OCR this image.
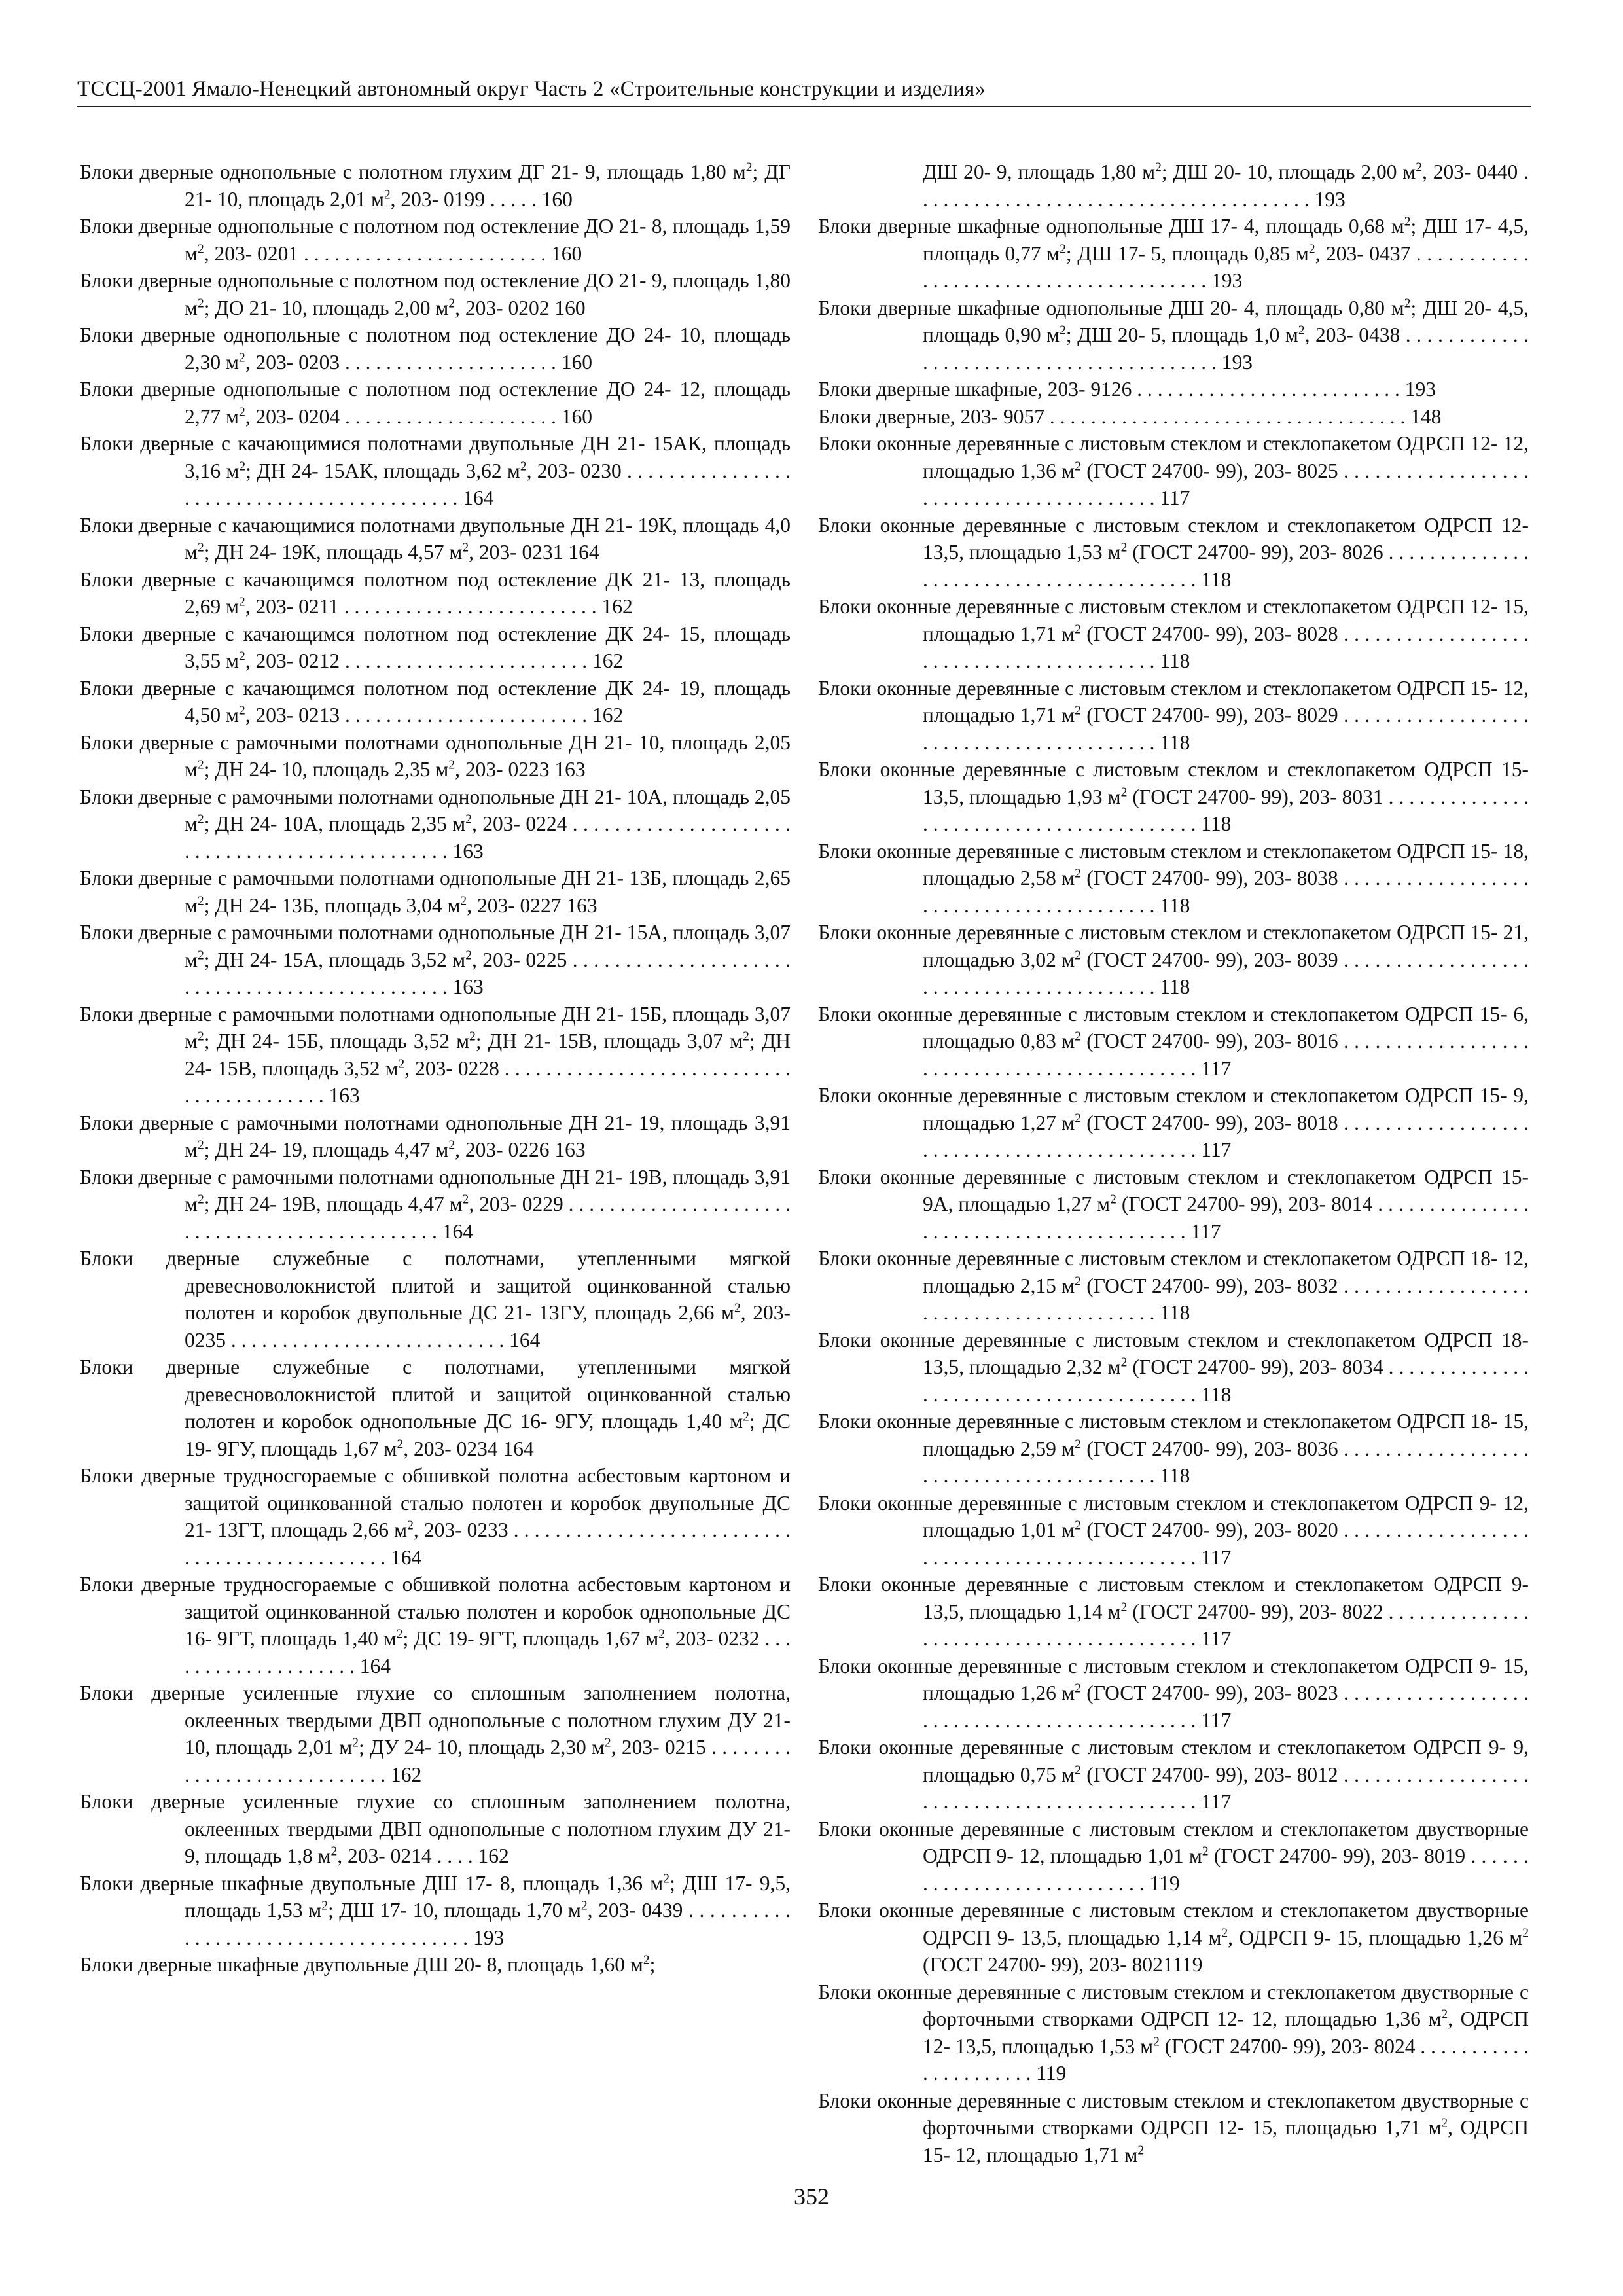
ТССЦ-2001 Ямало-Ненецкий автономный округ Часть 2 «Строительные конструкции и изделия»

Блоки дверные однопольные с полотном глухим ДГ 21- 9, площадь 1,80 $м^2$; ДГ 21- 10, площадь 2,01 $м^2$, 203- 0199 . . . . . 160

Блоки дверные однопольные с полотном под остекление ДО 21- 8, площадь 1,59 $м^2$, 203- 0201 . . . . . . . . . . . . . . . . . . . . . . . . 160

Блоки дверные однопольные с полотном под остекление ДО 21- 9, площадь 1,80 $м^2$; ДО 21- 10, площадь 2,00 $м^2$, 203- 0202 160

Блоки дверные однопольные с полотном под остекление ДО 24- 10, площадь 2,30 $м^2$, 203- 0203 . . . . . . . . . . . . . . . . . . . . . 160

Блоки дверные однопольные с полотном под остекление ДО 24- 12, площадь 2,77 $м^2$, 203- 0204 . . . . . . . . . . . . . . . . . . . . . 160

Блоки дверные с качающимися полотнами двупольные ДН 21- 15АК, площадь 3,16 $м^2$; ДН 24- 15АК, площадь 3,62 $м^2$, 203- 0230 . . . . . . . . . . . . . . . . . . . . . . . . . . . . . . . . . . . . . . . . . . . 164

Блоки дверные с качающимися полотнами двупольные ДН 21- 19К, площадь 4,0 $м^2$; ДН 24- 19К, площадь 4,57 $м^2$, 203- 0231 164

Блоки дверные с качающимся полотном под остекление ДК 21- 13, площадь 2,69 $м^2$, 203- 0211 . . . . . . . . . . . . . . . . . . . . . . . . . 162

Блоки дверные с качающимся полотном под остекление ДК 24- 15, площадь 3,55 $м^2$, 203- 0212 . . . . . . . . . . . . . . . . . . . . . . . . 162

Блоки дверные с качающимся полотном под остекление ДК 24- 19, площадь 4,50 $м^2$, 203- 0213 . . . . . . . . . . . . . . . . . . . . . . . . 162

Блоки дверные с рамочными полотнами однопольные ДН 21- 10, площадь 2,05 $м^2$; ДН 24- 10, площадь 2,35 $м^2$, 203- 0223 163

Блоки дверные с рамочными полотнами однопольные ДН 21- 10А, площадь 2,05 $м^2$; ДН 24- 10А, площадь 2,35 $м^2$, 203- 0224 . . . . . . . . . . . . . . . . . . . . . . . . . . . . . . . . . . . . . . . . . . . . . . . 163

Блоки дверные с рамочными полотнами однопольные ДН 21- 13Б, площадь 2,65 $м^2$; ДН 24- 13Б, площадь 3,04 $м^2$, 203- 0227 163

Блоки дверные с рамочными полотнами однопольные ДН 21- 15А, площадь 3,07 $м^2$; ДН 24- 15А, площадь 3,52 $м^2$, 203- 0225 . . . . . . . . . . . . . . . . . . . . . . . . . . . . . . . . . . . . . . . . . . . . . . . 163

Блоки дверные с рамочными полотнами однопольные ДН 21- 15Б, площадь 3,07 $м^2$; ДН 24- 15Б, площадь 3,52 $м^2$; ДН 21- 15В, площадь 3,07 $м^2$; ДН 24- 15В, площадь 3,52 $м^2$, 203- 0228 . . . . . . . . . . . . . . . . . . . . . . . . . . . . . . . . . . . . . . . . . . 163

Блоки дверные с рамочными полотнами однопольные ДН 21- 19, площадь 3,91 $м^2$; ДН 24- 19, площадь 4,47 $м^2$, 203- 0226 163

Блоки дверные с рамочными полотнами однопольные ДН 21- 19В, площадь 3,91 $м^2$; ДН 24- 19В, площадь 4,47 $м^2$, 203- 0229 . . . . . . . . . . . . . . . . . . . . . . . . . . . . . . . . . . . . . . . . . . . . . . . 164

Блоки дверные служебные с полотнами, утепленными мягкой древесноволокнистой плитой и защитой оцинкованной сталью полотен и коробок двупольные ДС 21- 13ГУ, площадь 2,66 $м^2$, 203- 0235 . . . . . . . . . . . . . . . . . . . . . . . . . . . 164

Блоки дверные служебные с полотнами, утепленными мягкой древесноволокнистой плитой и защитой оцинкованной сталью полотен и коробок однопольные ДС 16- 9ГУ, площадь 1,40 $м^2$; ДС 19- 9ГУ, площадь 1,67 $м^2$, 203- 0234 164

Блоки дверные трудносгораемые с обшивкой полотна асбестовым картоном и защитой оцинкованной сталью полотен и коробок двупольные ДС 21- 13ГТ, площадь 2,66 $м^2$, 203- 0233 . . . . . . . . . . . . . . . . . . . . . . . . . . . . . . . . . . . . . . . . . . . . . . . 164

Блоки дверные трудносгораемые с обшивкой полотна асбестовым картоном и защитой оцинкованной сталью полотен и коробок однопольные ДС 16- 9ГТ, площадь 1,40 $м^2$; ДС 19- 9ГТ, площадь 1,67 $м^2$, 203- 0232 . . . . . . . . . . . . . . . . . . . . 164

Блоки дверные усиленные глухие со сплошным заполнением полотна, оклеенных твердыми ДВП однопольные с полотном глухим ДУ 21- 10, площадь 2,01 $м^2$; ДУ 24- 10, площадь 2,30 $м^2$, 203- 0215 . . . . . . . . . . . . . . . . . . . . . . . . . . . . 162

Блоки дверные усиленные глухие со сплошным заполнением полотна, оклеенных твердыми ДВП однопольные с полотном глухим ДУ 21- 9, площадь 1,8 $м^2$, 203- 0214 . . . . 162

Блоки дверные шкафные двупольные ДШ 17- 8, площадь 1,36 $м^2$; ДШ 17- 9,5, площадь 1,53 $м^2$; ДШ 17- 10, площадь 1,70 $м^2$, 203- 0439 . . . . . . . . . . . . . . . . . . . . . . . . . . . . . . . . . . . . . . 193

Блоки дверные шкафные двупольные ДШ 20- 8, площадь 1,60 $м^2$;

ДШ 20- 9, площадь 1,80 $м^2$; ДШ 20- 10, площадь 2,00 $м^2$, 203- 0440 . . . . . . . . . . . . . . . . . . . . . . . . . . . . . . . . . . . . . . . 193

Блоки дверные шкафные однопольные ДШ 17- 4, площадь 0,68 $м^2$; ДШ 17- 4,5, площадь 0,77 $м^2$; ДШ 17- 5, площадь 0,85 $м^2$, 203- 0437 . . . . . . . . . . . . . . . . . . . . . . . . . . . . . . . . . . . . . . . 193

Блоки дверные шкафные однопольные ДШ 20- 4, площадь 0,80 $м^2$; ДШ 20- 4,5, площадь 0,90 $м^2$; ДШ 20- 5, площадь 1,0 $м^2$, 203- 0438 . . . . . . . . . . . . . . . . . . . . . . . . . . . . . . . . . . . . . . . . . 193

Блоки дверные шкафные, 203- 9126 . . . . . . . . . . . . . . . . . . . . . . . . . . 193

Блоки дверные, 203- 9057 . . . . . . . . . . . . . . . . . . . . . . . . . . . . . . . . . . . 148

Блоки оконные деревянные с листовым стеклом и стеклопакетом ОДРСП 12- 12, площадью 1,36 $м^2$ (ГОСТ 24700- 99), 203- 8025 . . . . . . . . . . . . . . . . . . . . . . . . . . . . . . . . . . . . . . . . . 117

Блоки оконные деревянные с листовым стеклом и стеклопакетом ОДРСП 12- 13,5, площадью 1,53 $м^2$ (ГОСТ 24700- 99), 203- 8026 . . . . . . . . . . . . . . . . . . . . . . . . . . . . . . . . . . . . . . . . . 118

Блоки оконные деревянные с листовым стеклом и стеклопакетом ОДРСП 12- 15, площадью 1,71 $м^2$ (ГОСТ 24700- 99), 203- 8028 . . . . . . . . . . . . . . . . . . . . . . . . . . . . . . . . . . . . . . . . . 118

Блоки оконные деревянные с листовым стеклом и стеклопакетом ОДРСП 15- 12, площадью 1,71 $м^2$ (ГОСТ 24700- 99), 203- 8029 . . . . . . . . . . . . . . . . . . . . . . . . . . . . . . . . . . . . . . . . . 118

Блоки оконные деревянные с листовым стеклом и стеклопакетом ОДРСП 15- 13,5, площадью 1,93 $м^2$ (ГОСТ 24700- 99), 203- 8031 . . . . . . . . . . . . . . . . . . . . . . . . . . . . . . . . . . . . . . . . . 118

Блоки оконные деревянные с листовым стеклом и стеклопакетом ОДРСП 15- 18, площадью 2,58 $м^2$ (ГОСТ 24700- 99), 203- 8038 . . . . . . . . . . . . . . . . . . . . . . . . . . . . . . . . . . . . . . . . . 118

Блоки оконные деревянные с листовым стеклом и стеклопакетом ОДРСП 15- 21, площадью 3,02 $м^2$ (ГОСТ 24700- 99), 203- 8039 . . . . . . . . . . . . . . . . . . . . . . . . . . . . . . . . . . . . . . . . . 118

Блоки оконные деревянные с листовым стеклом и стеклопакетом ОДРСП 15- 6, площадью 0,83 $м^2$ (ГОСТ 24700- 99), 203- 8016 . . . . . . . . . . . . . . . . . . . . . . . . . . . . . . . . . . . . . . . . . . . . . 117

Блоки оконные деревянные с листовым стеклом и стеклопакетом ОДРСП 15- 9, площадью 1,27 $м^2$ (ГОСТ 24700- 99), 203- 8018 . . . . . . . . . . . . . . . . . . . . . . . . . . . . . . . . . . . . . . . . . . . . . 117

Блоки оконные деревянные с листовым стеклом и стеклопакетом ОДРСП 15- 9А, площадью 1,27 $м^2$ (ГОСТ 24700- 99), 203- 8014 . . . . . . . . . . . . . . . . . . . . . . . . . . . . . . . . . . . . . . . . . 117

Блоки оконные деревянные с листовым стеклом и стеклопакетом ОДРСП 18- 12, площадью 2,15 $м^2$ (ГОСТ 24700- 99), 203- 8032 . . . . . . . . . . . . . . . . . . . . . . . . . . . . . . . . . . . . . . . . . 118

Блоки оконные деревянные с листовым стеклом и стеклопакетом ОДРСП 18- 13,5, площадью 2,32 $м^2$ (ГОСТ 24700- 99), 203- 8034 . . . . . . . . . . . . . . . . . . . . . . . . . . . . . . . . . . . . . . . . . 118

Блоки оконные деревянные с листовым стеклом и стеклопакетом ОДРСП 18- 15, площадью 2,59 $м^2$ (ГОСТ 24700- 99), 203- 8036 . . . . . . . . . . . . . . . . . . . . . . . . . . . . . . . . . . . . . . . . . 118

Блоки оконные деревянные с листовым стеклом и стеклопакетом ОДРСП 9- 12, площадью 1,01 $м^2$ (ГОСТ 24700- 99), 203- 8020 . . . . . . . . . . . . . . . . . . . . . . . . . . . . . . . . . . . . . . . . . . . . . 117

Блоки оконные деревянные с листовым стеклом и стеклопакетом ОДРСП 9- 13,5, площадью 1,14 $м^2$ (ГОСТ 24700- 99), 203- 8022 . . . . . . . . . . . . . . . . . . . . . . . . . . . . . . . . . . . . . . . . . 117

Блоки оконные деревянные с листовым стеклом и стеклопакетом ОДРСП 9- 15, площадью 1,26 $м^2$ (ГОСТ 24700- 99), 203- 8023 . . . . . . . . . . . . . . . . . . . . . . . . . . . . . . . . . . . . . . . . . . . . . 117

Блоки оконные деревянные с листовым стеклом и стеклопакетом ОДРСП 9- 9, площадью 0,75 $м^2$ (ГОСТ 24700- 99), 203- 8012 . . . . . . . . . . . . . . . . . . . . . . . . . . . . . . . . . . . . . . . . . . . . . 117

Блоки оконные деревянные с листовым стеклом и стеклопакетом двустворные ОДРСП 9- 12, площадью 1,01 $м^2$ (ГОСТ 24700- 99), 203- 8019 . . . . . . . . . . . . . . . . . . . . . . . . . . . . 119

Блоки оконные деревянные с листовым стеклом и стеклопакетом двустворные ОДРСП 9- 13,5, площадью 1,14 $м^2$, ОДРСП 9- 15, площадью 1,26 $м^2$ (ГОСТ 24700- 99), 203- 8021119

Блоки оконные деревянные с листовым стеклом и стеклопакетом двустворные с форточными створками ОДРСП 12- 12, площадью 1,36 $м^2$, ОДРСП 12- 13,5, площадью 1,53 $м^2$ (ГОСТ 24700- 99), 203- 8024 . . . . . . . . . . . . . . . . . . . . . . 119

Блоки оконные деревянные с листовым стеклом и стеклопакетом двустворные с форточными створками ОДРСП 12- 15, площадью 1,71 $м^2$, ОДРСП 15- 12, площадью 1,71 $м^2$

352
